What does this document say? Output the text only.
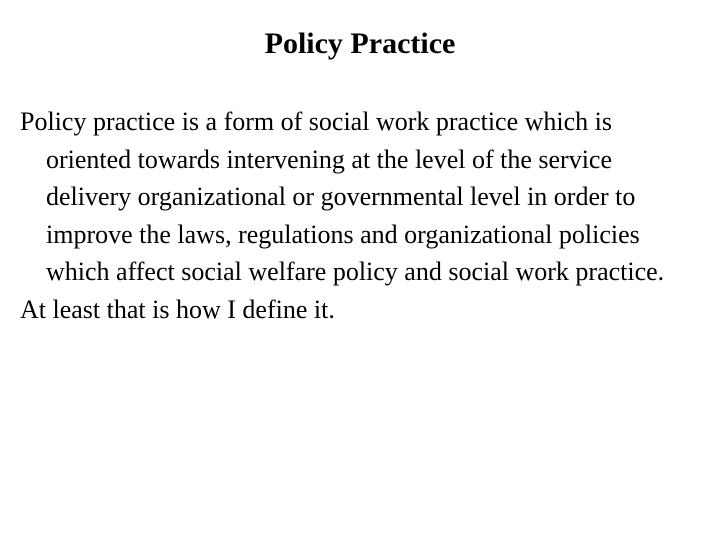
Policy Practice

Policy practice is a form of social work practice which is oriented towards intervening at the level of the service delivery organizational or governmental level in order to improve the laws, regulations and organizational policies which affect social welfare policy and social work practice.

At least that is how I define it.
